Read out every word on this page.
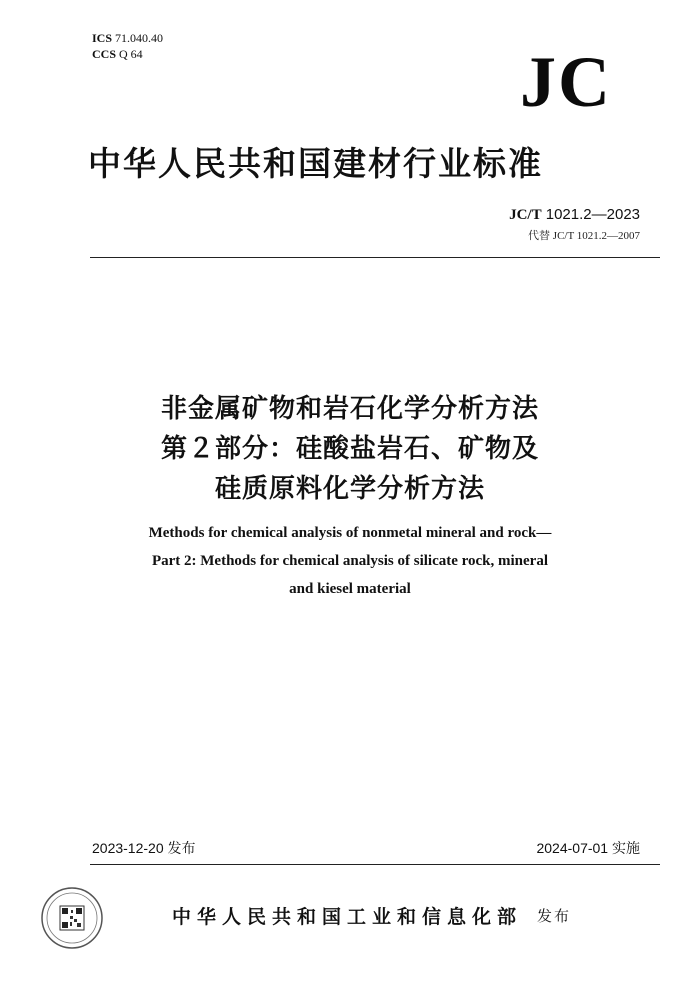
ICS 71.040.40
CCS Q 64	JC
中华人民共和国建材行业标准
JC/T 1021.2—2023
代替 JC/T 1021.2—2007
非金属矿物和岩石化学分析方法
第２部分：硅酸盐岩石、矿物及
硅质原料化学分析方法
Methods for chemical analysis of nonmetal mineral and rock—
Part 2: Methods for chemical analysis of silicate rock, mineral
and kiesel material
2023-12-20 发布	2024-07-01 实施
中华人民共和国工业和信息化部 发布
